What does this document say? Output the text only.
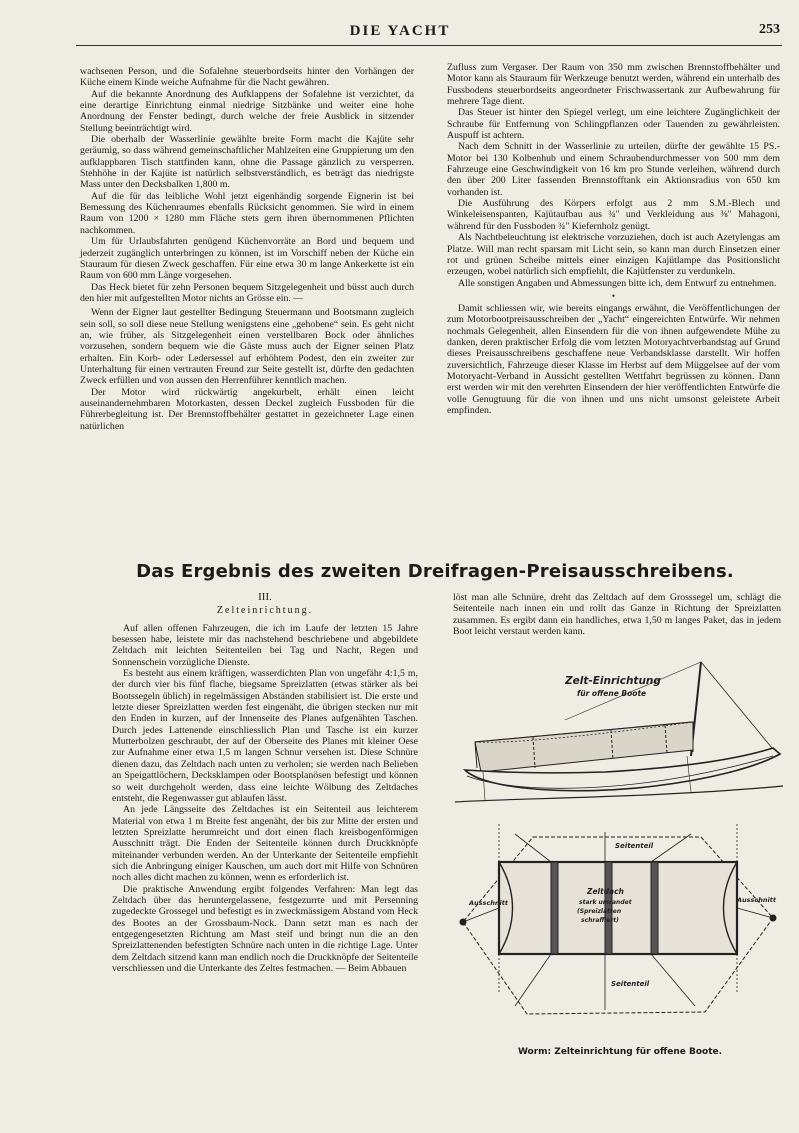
DIE YACHT	253

wachsenen Person, und die Sofalehne steuerbordseits hinter den Vorhängen der Küche einem Kinde weiche Aufnahme für die Nacht gewähren.

Auf die bekannte Anordnung des Aufklappens der Sofalehne ist verzichtet, da eine derartige Einrichtung einmal niedrige Sitzbänke und weiter eine hohe Anordnung der Fenster bedingt, durch welche der freie Ausblick in sitzender Stellung beeinträchtigt wird.

Die oberhalb der Wasserlinie gewählte breite Form macht die Kajüte sehr geräumig, so dass während gemeinschaftlicher Mahlzeiten eine Gruppierung um den aufklappbaren Tisch stattfinden kann, ohne die Passage gänzlich zu versperren. Stehhöhe in der Kajüte ist natürlich selbstverständlich, es beträgt das niedrigste Mass unter den Decksbalken 1,800 m.

Auf die für das leibliche Wohl jetzt eigenhändig sorgende Eignerin ist bei Bemessung des Küchenraumes ebenfalls Rücksicht genommen. Sie wird in einem Raum von 1200 × 1280 mm Fläche stets gern ihren übernommenen Pflichten nachkommen.

Um für Urlaubsfahrten genügend Küchenvorräte an Bord und bequem und jederzeit zugänglich unterbringen zu können, ist im Vorschiff neben der Küche ein Stauraum für diesen Zweck geschaffen. Für eine etwa 30 m lange Ankerkette ist ein Raum von 600 mm Länge vorgesehen.

Das Heck bietet für zehn Personen bequem Sitzgelegenheit und büsst auch durch den hier mit aufgestellten Motor nichts an Grösse ein. —

Wenn der Eigner laut gestellter Bedingung Steuermann und Bootsmann zugleich sein soll, so soll diese neue Stellung wenigstens eine „gehobene“ sein. Es geht nicht an, wie früher, als Sitzgelegenheit einen verstellbaren Bock oder ähnliches vorzusehen, sondern bequem wie die Gäste muss auch der Eigner seinen Platz erhalten. Ein Korb- oder Ledersessel auf erhöhtem Podest, den ein zweiter zur Unterhaltung für einen vertrauten Freund zur Seite gestellt ist, dürfte den gedachten Zweck erfüllen und von aussen den Herrenführer kenntlich machen.

Der Motor wird rückwärtig angekurbelt, erhält einen leicht auseinandernehmbaren Motorkasten, dessen Deckel zugleich Fussboden für die Führerbegleitung ist. Der Brennstoffbehälter gestattet in gezeichneter Lage einen natürlichen

Zufluss zum Vergaser. Der Raum von 350 mm zwischen Brennstoffbehälter und Motor kann als Stauraum für Werkzeuge benutzt werden, während ein unterhalb des Fussbodens steuerbordseits angeordneter Frischwassertank zur Aufbewahrung für mehrere Tage dient.

Das Steuer ist hinter den Spiegel verlegt, um eine leichtere Zugänglichkeit der Schraube für Entfernung von Schlingpflanzen oder Tauenden zu gewährleisten. Auspuff ist achtern.

Nach dem Schnitt in der Wasserlinie zu urteilen, dürfte der gewählte 15 PS.-Motor bei 130 Kolbenhub und einem Schraubendurchmesser von 500 mm dem Fahrzeuge eine Geschwindigkeit von 16 km pro Stunde verleihen, während durch den über 200 Liter fassenden Brennstofftank ein Aktionsradius von 650 km vorhanden ist.

Die Ausführung des Körpers erfolgt aus 2 mm S.M.-Blech und Winkeleisenspanten, Kajütaufbau aus ¾" und Verkleidung aus ⅜" Mahagoni, während für den Fussboden ¾" Kiefernholz genügt.

Als Nachtbeleuchtung ist elektrische vorzuziehen, doch ist auch Azetylengas am Platze. Will man recht sparsam mit Licht sein, so kann man durch Einsetzen einer rot und grünen Scheibe mittels einer einzigen Kajütlampe das Positionslicht erzeugen, wobei natürlich sich empfiehlt, die Kajütfenster zu verdunkeln.

Alle sonstigen Angaben und Abmessungen bitte ich, dem Entwurf zu entnehmen.

•

Damit schliessen wir, wie bereits eingangs erwähnt, die Veröffentlichungen der zum Motorbootpreisausschreiben der „Yacht“ eingereichten Entwürfe. Wir nehmen nochmals Gelegenheit, allen Einsendern für die von ihnen aufgewendete Mühe zu danken, deren praktischer Erfolg die vom letzten Motoryachtverbandstag auf Grund dieses Preisausschreibens geschaffene neue Verbandsklasse darstellt. Wir hoffen zuversichtlich, Fahrzeuge dieser Klasse im Herbst auf dem Müggelsee auf der vom Motoryacht-Verband in Aussicht gestellten Wettfahrt begrüssen zu können. Dann erst werden wir mit den verehrten Einsendern der hier veröffentlichten Entwürfe die volle Genugtuung für die von ihnen und uns nicht umsonst geleistete Arbeit empfinden.

Das Ergebnis des zweiten Dreifragen-Preisausschreibens.

III.

Zelteinrichtung.

Auf allen offenen Fahrzeugen, die ich im Laufe der letzten 15 Jahre besessen habe, leistete mir das nachstehend beschriebene und abgebildete Zeltdach mit leichten Seitenteilen bei Tag und Nacht, Regen und Sonnenschein vorzügliche Dienste.

Es besteht aus einem kräftigen, wasserdichten Plan von ungefähr 4:1,5 m, der durch vier bis fünf flache, biegsame Spreizlatten (etwas stärker als bei Bootssegeln üblich) in regelmässigen Abständen stabilisiert ist. Die erste und letzte dieser Spreizlatten werden fest eingenäht, die übrigen stecken nur mit den Enden in kurzen, auf der Innenseite des Planes aufgenähten Taschen. Durch jedes Lattenende einschliesslich Plan und Tasche ist ein kurzer Mutterbolzen geschraubt, der auf der Oberseite des Planes mit kleiner Oese zur Aufnahme einer etwa 1,5 m langen Schnur versehen ist. Diese Schnüre dienen dazu, das Zeltdach nach unten zu verholen; sie werden nach Belieben an Speigattlöchern, Decksklampen oder Bootsplanösen befestigt und können so weit durchgeholt werden, dass eine leichte Wölbung des Zeltdaches entsteht, die Regenwasser gut ablaufen lässt.

An jede Längsseite des Zeltdaches ist ein Seitenteil aus leichterem Material von etwa 1 m Breite fest angenäht, der bis zur Mitte der ersten und letzten Spreizlatte herumreicht und dort einen flach kreisbogenförmigen Ausschnitt trägt. Die Enden der Seitenteile können durch Druckknöpfe miteinander verbunden werden. An der Unterkante der Seitenteile empfiehlt sich die Anbringung einiger Kauschen, um auch dort mit Hilfe von Schnüren noch alles dicht machen zu können, wenn es erforderlich ist.

Die praktische Anwendung ergibt folgendes Verfahren: Man legt das Zeltdach über das heruntergelassene, festgezurrte und mit Persenning zugedeckte Grossegel und befestigt es in zweckmässigem Abstand vom Heck des Bootes an der Grossbaum-Nock. Dann setzt man es nach der entgegengesetzten Richtung am Mast steif und bringt nun die an den Spreizlattenenden befestigten Schnüre nach unten in die richtige Lage. Unter dem Zeltdach sitzend kann man endlich noch die Druckknöpfe der Seitenteile verschliessen und die Unterkante des Zeltes festmachen. — Beim Abbauen

löst man alle Schnüre, dreht das Zeltdach auf dem Grosssegel um, schlägt die Seitenteile nach innen ein und rollt das Ganze in Richtung der Spreizlatten zusammen. Es ergibt dann ein handliches, etwa 1,50 m langes Paket, das in jedem Boot leicht verstaut werden kann.

Zelt-Einrichtung
für offene Boote
Seitenteil
Seitenteil
Ausschnitt	Ausschnitt
Zeltdach
stark umrandet
(Spreizlatten
schraffiert)
Worm: Zelteinrichtung für offene Boote.
